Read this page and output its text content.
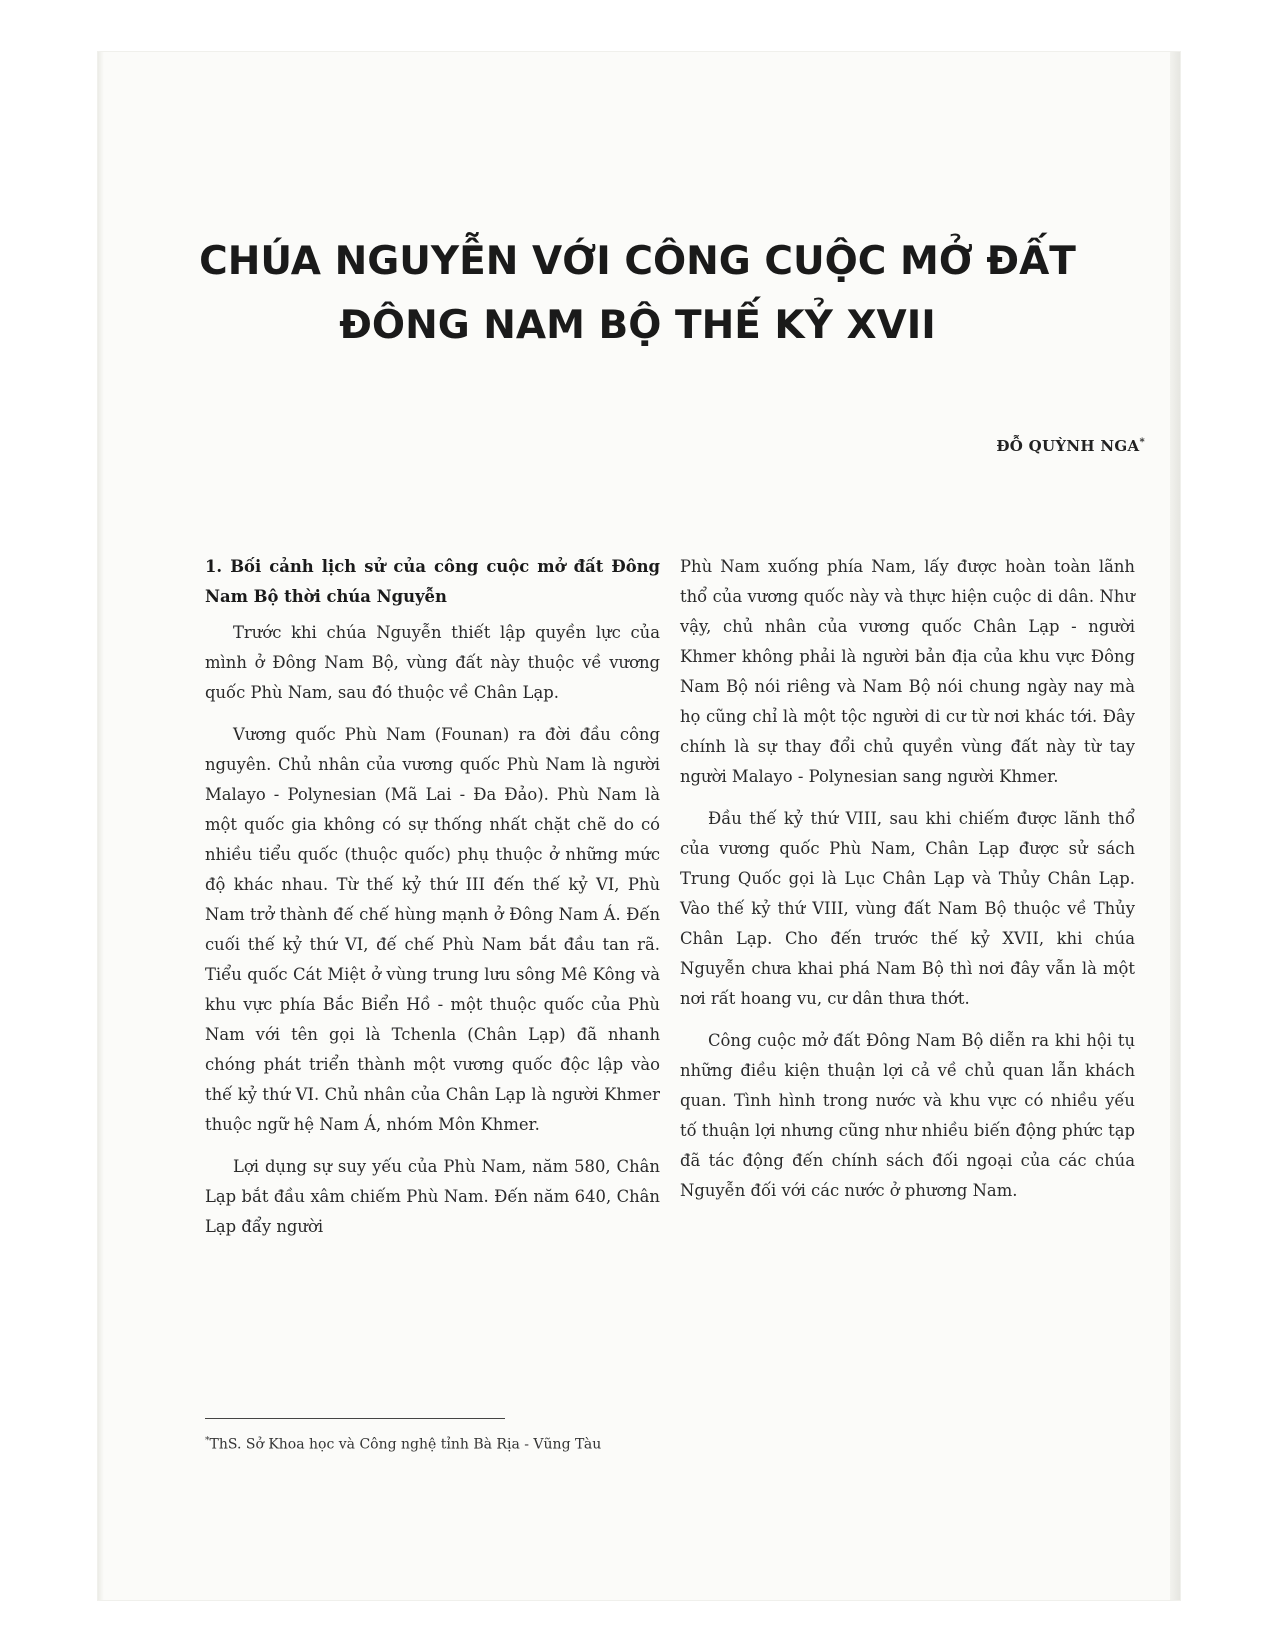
CHÚA NGUYỄN VỚI CÔNG CUỘC MỞ ĐẤT
ĐÔNG NAM BỘ THẾ KỶ XVII
ĐỖ QUỲNH NGA*
1. Bối cảnh lịch sử của công cuộc mở đất Đông Nam Bộ thời chúa Nguyễn

Trước khi chúa Nguyễn thiết lập quyền lực của mình ở Đông Nam Bộ, vùng đất này thuộc về vương quốc Phù Nam, sau đó thuộc về Chân Lạp.

Vương quốc Phù Nam (Founan) ra đời đầu công nguyên. Chủ nhân của vương quốc Phù Nam là người Malayo - Polynesian (Mã Lai - Đa Đảo). Phù Nam là một quốc gia không có sự thống nhất chặt chẽ do có nhiều tiểu quốc (thuộc quốc) phụ thuộc ở những mức độ khác nhau. Từ thế kỷ thứ III đến thế kỷ VI, Phù Nam trở thành đế chế hùng mạnh ở Đông Nam Á. Đến cuối thế kỷ thứ VI, đế chế Phù Nam bắt đầu tan rã. Tiểu quốc Cát Miệt ở vùng trung lưu sông Mê Kông và khu vực phía Bắc Biển Hồ - một thuộc quốc của Phù Nam với tên gọi là Tchenla (Chân Lạp) đã nhanh chóng phát triển thành một vương quốc độc lập vào thế kỷ thứ VI. Chủ nhân của Chân Lạp là người Khmer thuộc ngữ hệ Nam Á, nhóm Môn Khmer.

Lợi dụng sự suy yếu của Phù Nam, năm 580, Chân Lạp bắt đầu xâm chiếm Phù Nam. Đến năm 640, Chân Lạp đẩy người

Phù Nam xuống phía Nam, lấy được hoàn toàn lãnh thổ của vương quốc này và thực hiện cuộc di dân. Như vậy, chủ nhân của vương quốc Chân Lạp - người Khmer không phải là người bản địa của khu vực Đông Nam Bộ nói riêng và Nam Bộ nói chung ngày nay mà họ cũng chỉ là một tộc người di cư từ nơi khác tới. Đây chính là sự thay đổi chủ quyền vùng đất này từ tay người Malayo - Polynesian sang người Khmer.

Đầu thế kỷ thứ VIII, sau khi chiếm được lãnh thổ của vương quốc Phù Nam, Chân Lạp được sử sách Trung Quốc gọi là Lục Chân Lạp và Thủy Chân Lạp. Vào thế kỷ thứ VIII, vùng đất Nam Bộ thuộc về Thủy Chân Lạp. Cho đến trước thế kỷ XVII, khi chúa Nguyễn chưa khai phá Nam Bộ thì nơi đây vẫn là một nơi rất hoang vu, cư dân thưa thớt.

Công cuộc mở đất Đông Nam Bộ diễn ra khi hội tụ những điều kiện thuận lợi cả về chủ quan lẫn khách quan. Tình hình trong nước và khu vực có nhiều yếu tố thuận lợi nhưng cũng như nhiều biến động phức tạp đã tác động đến chính sách đối ngoại của các chúa Nguyễn đối với các nước ở phương Nam.

*ThS. Sở Khoa học và Công nghệ tỉnh Bà Rịa - Vũng Tàu
